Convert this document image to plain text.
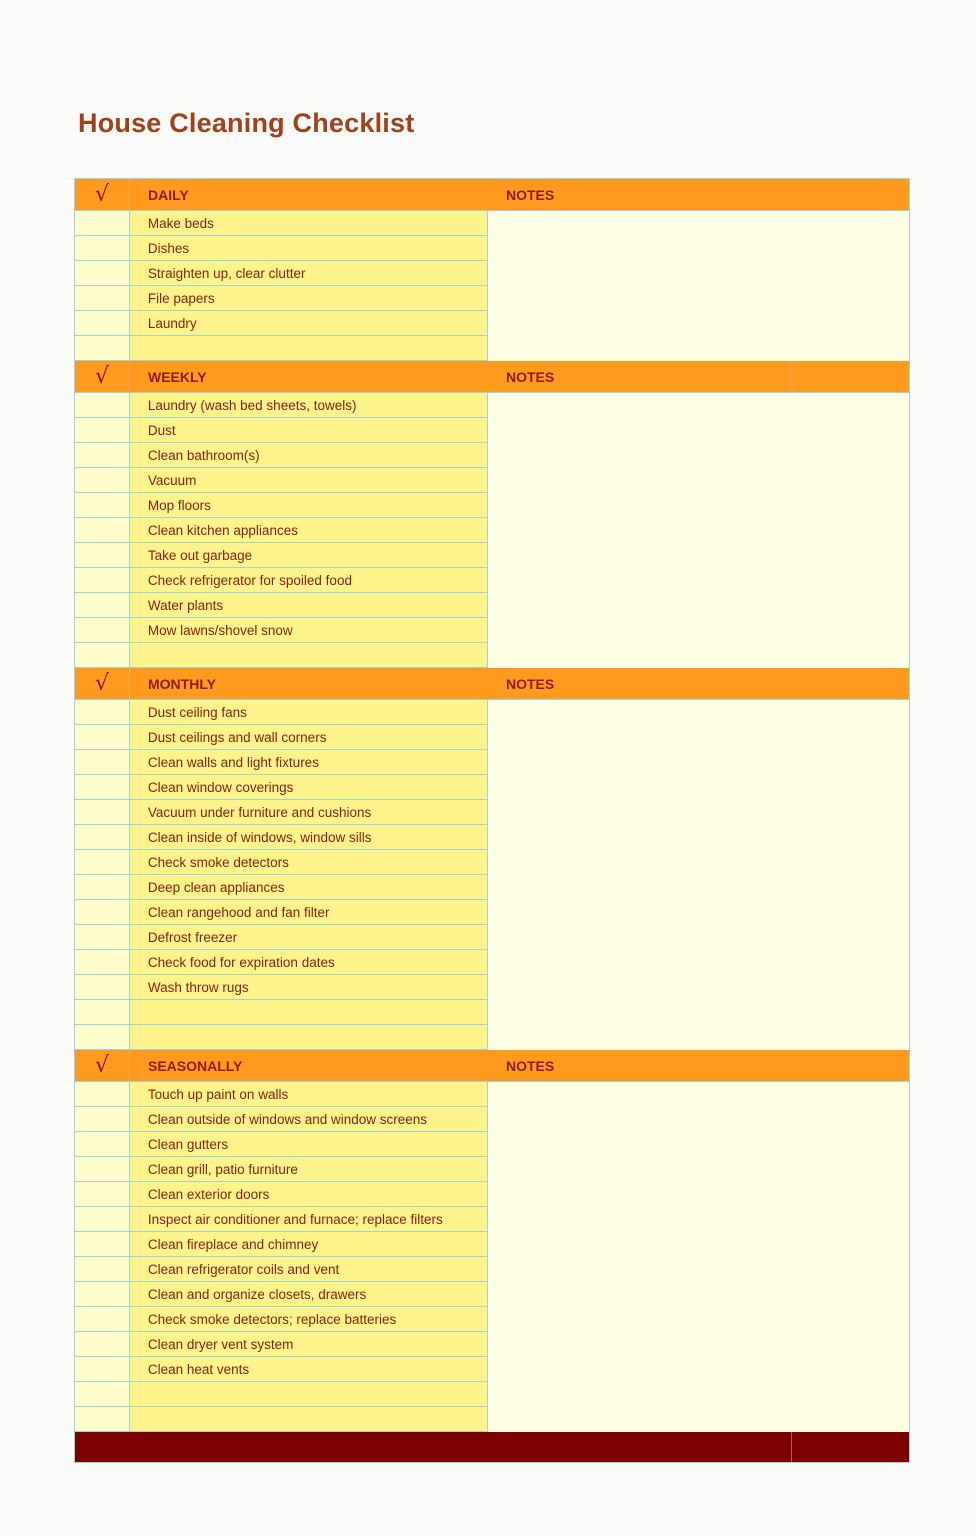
House Cleaning Checklist
√	DAILY	NOTES
Make beds
Dishes
Straighten up, clear clutter
File papers
Laundry
√	WEEKLY	NOTES
Laundry (wash bed sheets, towels)
Dust
Clean bathroom(s)
Vacuum
Mop floors
Clean kitchen appliances
Take out garbage
Check refrigerator for spoiled food
Water plants
Mow lawns/shovel snow
√	MONTHLY	NOTES
Dust ceiling fans
Dust ceilings and wall corners
Clean walls and light fixtures
Clean window coverings
Vacuum under furniture and cushions
Clean inside of windows, window sills
Check smoke detectors
Deep clean appliances
Clean rangehood and fan filter
Defrost freezer
Check food for expiration dates
Wash throw rugs
√	SEASONALLY	NOTES
Touch up paint on walls
Clean outside of windows and window screens
Clean gutters
Clean grill, patio furniture
Clean exterior doors
Inspect air conditioner and furnace; replace filters
Clean fireplace and chimney
Clean refrigerator coils and vent
Clean and organize closets, drawers
Check smoke detectors; replace batteries
Clean dryer vent system
Clean heat vents
